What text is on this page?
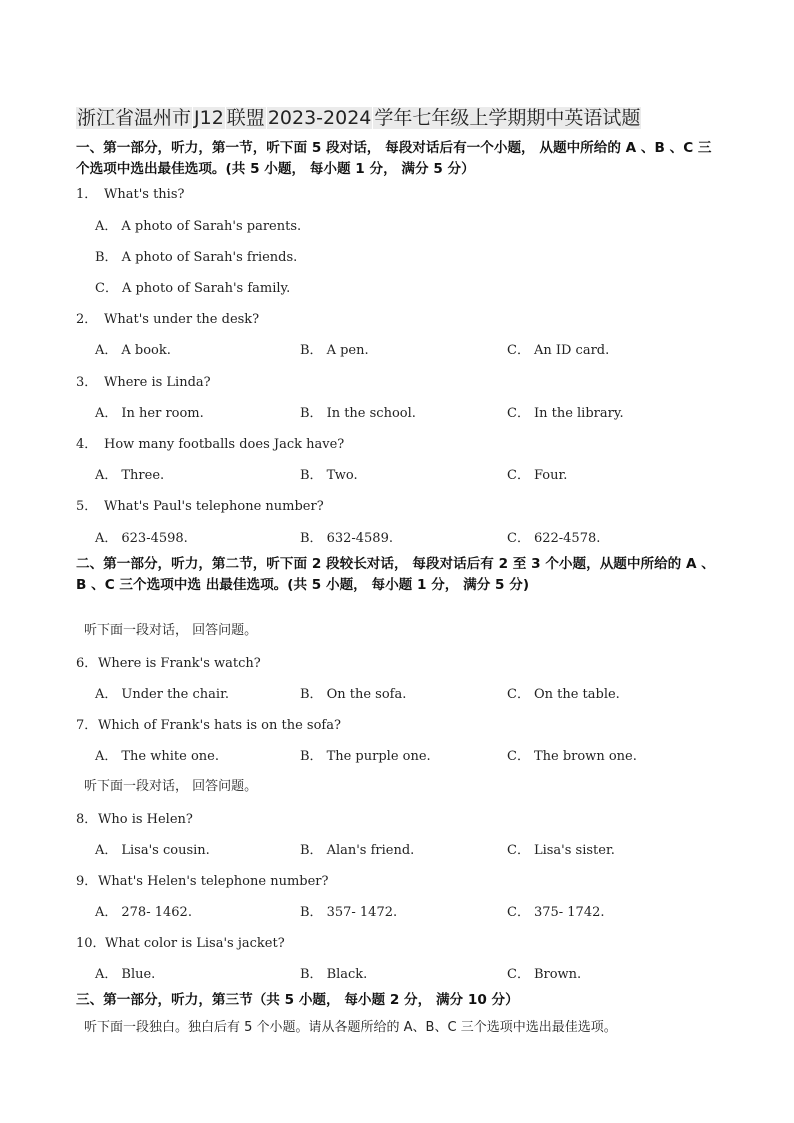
浙江省温州市 J12 联盟 2023-2024 学年七年级上学期期中英语试题
一、第一部分，听力，第一节，听下面 5 段对话， 每段对话后有一个小题， 从题中所给的 A 、B 、C 三个选项中选出最佳选项。(共 5 小题， 每小题 1 分， 满分 5 分）
1． What's this?
A． A photo of Sarah's parents.
B． A photo of Sarah's friends.
C． A photo of Sarah's family.
2． What's under the desk?
A． A book.	B． A pen.	C． An ID card.
3． Where is Linda?
A． In her room.	B． In the school.	C． In the library.
4． How many footballs does Jack have?
A． Three.	B． Two.	C． Four.
5． What's Paul's telephone number?
A． 623-4598.	B． 632-4589.	C． 622-4578.
二、第一部分，听力，第二节，听下面 2 段较长对话， 每段对话后有 2 至 3 个小题，从题中所给的 A 、B 、C 三个选项中选 出最佳选项。(共 5 小题， 每小题 1 分， 满分 5 分)
听下面一段对话， 回答问题。
6．Where is Frank's watch?
A． Under the chair.	B． On the sofa.	C． On the table.
7．Which of Frank's hats is on the sofa?
A． The white one.	B． The purple one.	C． The brown one.
听下面一段对话， 回答问题。
8．Who is Helen?
A． Lisa's cousin.	B． Alan's friend.	C． Lisa's sister.
9．What's Helen's telephone number?
A． 278- 1462.	B． 357- 1472.	C． 375- 1742.
10．What color is Lisa's jacket?
A． Blue.	B． Black.	C． Brown.
三、第一部分，听力，第三节（共 5 小题， 每小题 2 分， 满分 10 分）
听下面一段独白。独白后有 5 个小题。请从各题所给的 A、B、C 三个选项中选出最佳选项。
